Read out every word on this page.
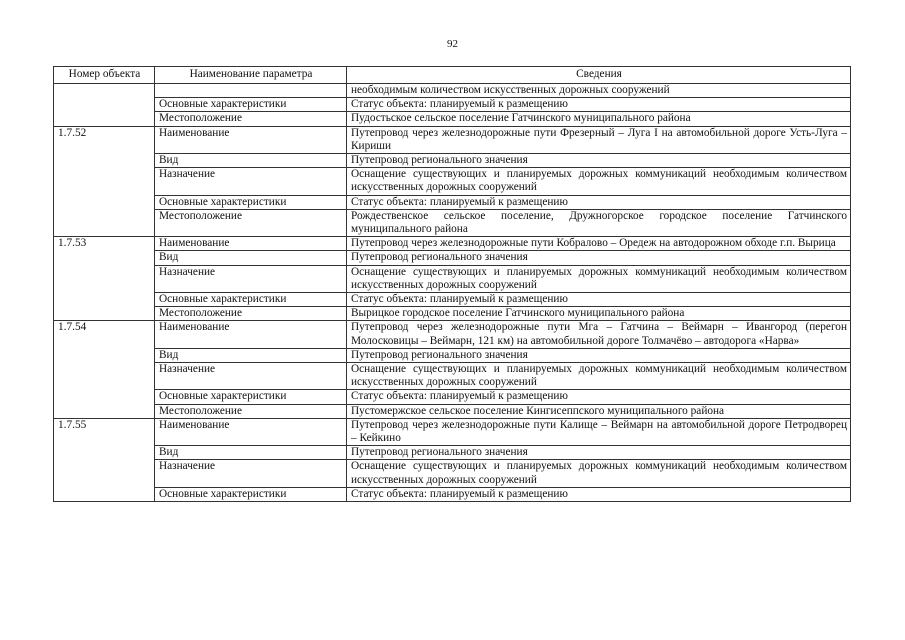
92
Номер объекта	Наименование параметра	Сведения
		необходимым количеством искусственных дорожных сооружений
	Основные характеристики	Статус объекта: планируемый к размещению
	Местоположение	Пудостьское сельское поселение Гатчинского муниципального района
1.7.52	Наименование	Путепровод через железнодорожные пути Фрезерный – Луга I на автомобильной дороге Усть-Луга – Кириши
	Вид	Путепровод регионального значения
	Назначение	Оснащение существующих и планируемых дорожных коммуникаций необходимым количеством искусственных дорожных сооружений
	Основные характеристики	Статус объекта: планируемый к размещению
	Местоположение	Рождественское сельское поселение, Дружногорское городское поселение Гатчинского муниципального района
1.7.53	Наименование	Путепровод через железнодорожные пути Кобралово – Оредеж на автодорожном обходе г.п. Вырица
	Вид	Путепровод регионального значения
	Назначение	Оснащение существующих и планируемых дорожных коммуникаций необходимым количеством искусственных дорожных сооружений
	Основные характеристики	Статус объекта: планируемый к размещению
	Местоположение	Вырицкое городское поселение Гатчинского муниципального района
1.7.54	Наименование	Путепровод через железнодорожные пути Мга – Гатчина – Веймарн – Ивангород (перегон Молосковицы – Веймарн, 121 км) на автомобильной дороге Толмачёво – автодорога «Нарва»
	Вид	Путепровод регионального значения
	Назначение	Оснащение существующих и планируемых дорожных коммуникаций необходимым количеством искусственных дорожных сооружений
	Основные характеристики	Статус объекта: планируемый к размещению
	Местоположение	Пустомержское сельское поселение Кингисеппского муниципального района
1.7.55	Наименование	Путепровод через железнодорожные пути Калище – Веймарн на автомобильной дороге Петродворец – Кейкино
	Вид	Путепровод регионального значения
	Назначение	Оснащение существующих и планируемых дорожных коммуникаций необходимым количеством искусственных дорожных сооружений
	Основные характеристики	Статус объекта: планируемый к размещению
